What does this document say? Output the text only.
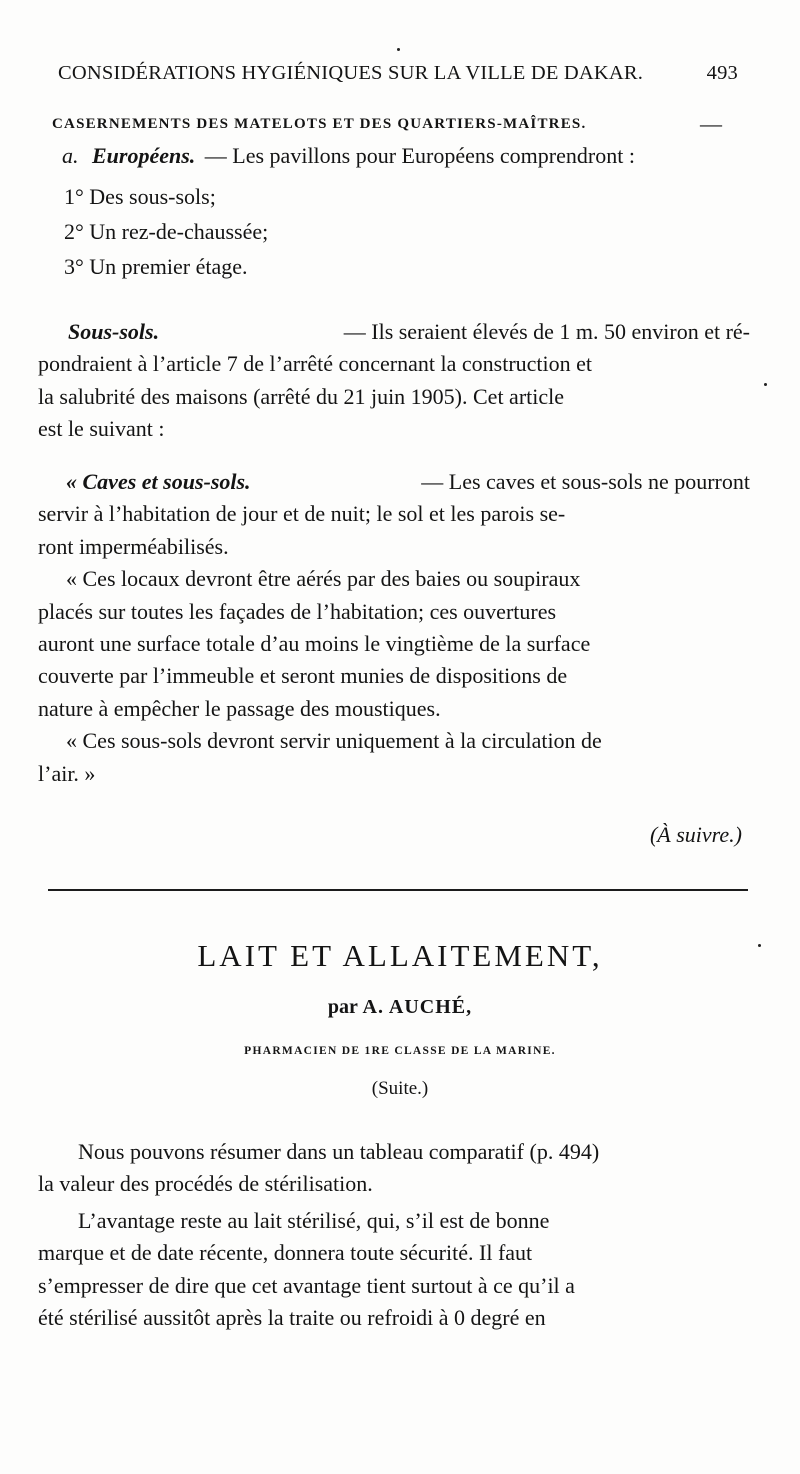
CONSIDÉRATIONS HYGIÉNIQUES SUR LA VILLE DE DAKAR.	493
CASERNEMENTS DES MATELOTS ET DES QUARTIERS-MAÎTRES.	—
a. Européens. — Les pavillons pour Européens comprendront :
1° Des sous-sols;
2° Un rez-de-chaussée;
3° Un premier étage.
Sous-sols.	— Ils seraient élevés de 1 m. 50 environ et ré-
pondraient à l’article 7 de l’arrêté concernant la construction et
la salubrité des maisons (arrêté du 21 juin 1905). Cet article
est le suivant :
« Caves et sous-sols.	— Les caves et sous-sols ne pourront
servir à l’habitation de jour et de nuit; le sol et les parois se-
ront imperméabilisés.
« Ces locaux devront être aérés par des baies ou soupiraux
placés sur toutes les façades de l’habitation; ces ouvertures
auront une surface totale d’au moins le vingtième de la surface
couverte par l’immeuble et seront munies de dispositions de
nature à empêcher le passage des moustiques.
« Ces sous-sols devront servir uniquement à la circulation de
l’air. »
(À suivre.)
LAIT ET ALLAITEMENT,
par A. AUCHÉ,
PHARMACIEN DE 1RE CLASSE DE LA MARINE.
(Suite.)
Nous pouvons résumer dans un tableau comparatif (p. 494)
la valeur des procédés de stérilisation.
L’avantage reste au lait stérilisé, qui, s’il est de bonne
marque et de date récente, donnera toute sécurité. Il faut
s’empresser de dire que cet avantage tient surtout à ce qu’il a
été stérilisé aussitôt après la traite ou refroidi à 0 degré en
